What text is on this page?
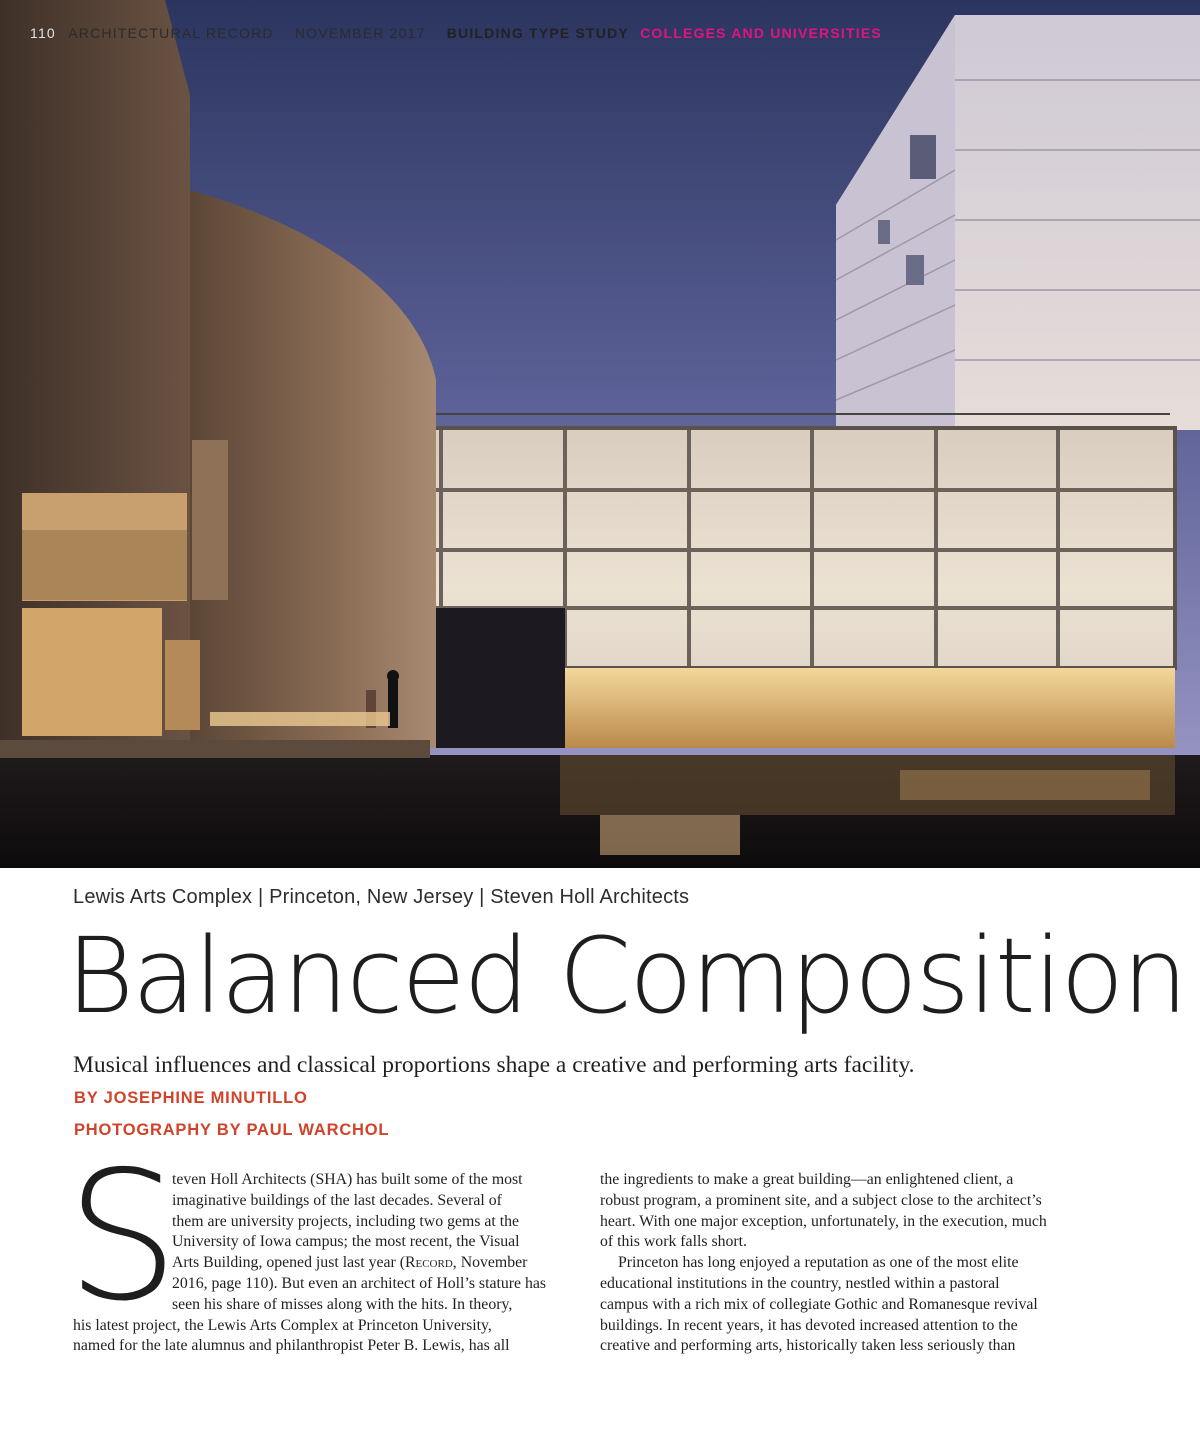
110 ARCHITECTURAL RECORD NOVEMBER 2017 BUILDING TYPE STUDY COLLEGES AND UNIVERSITIES
Lewis Arts Complex | Princeton, New Jersey | Steven Holl Architects
Balanced Composition

Musical influences and classical proportions shape a creative and performing arts facility.

BY JOSEPHINE MINUTILLO
PHOTOGRAPHY BY PAUL WARCHOL
S

teven Holl Architects (SHA) has built some of the most
imaginative buildings of the last decades. Several of
them are university projects, including two gems at the
University of Iowa campus; the most recent, the Visual
Arts Building, opened just last year (Record, November
2016, page 110). But even an architect of Holl’s stature has
seen his share of misses along with the hits. In theory,
his latest project, the Lewis Arts Complex at Princeton University,
named for the late alumnus and philanthropist Peter B. Lewis, has all

the ingredients to make a great building—an enlightened client, a
robust program, a prominent site, and a subject close to the architect’s
heart. With one major exception, unfortunately, in the execution, much
of this work falls short.

Princeton has long enjoyed a reputation as one of the most elite
educational institutions in the country, nestled within a pastoral
campus with a rich mix of collegiate Gothic and Romanesque revival
buildings. In recent years, it has devoted increased attention to the
creative and performing arts, historically taken less seriously than
